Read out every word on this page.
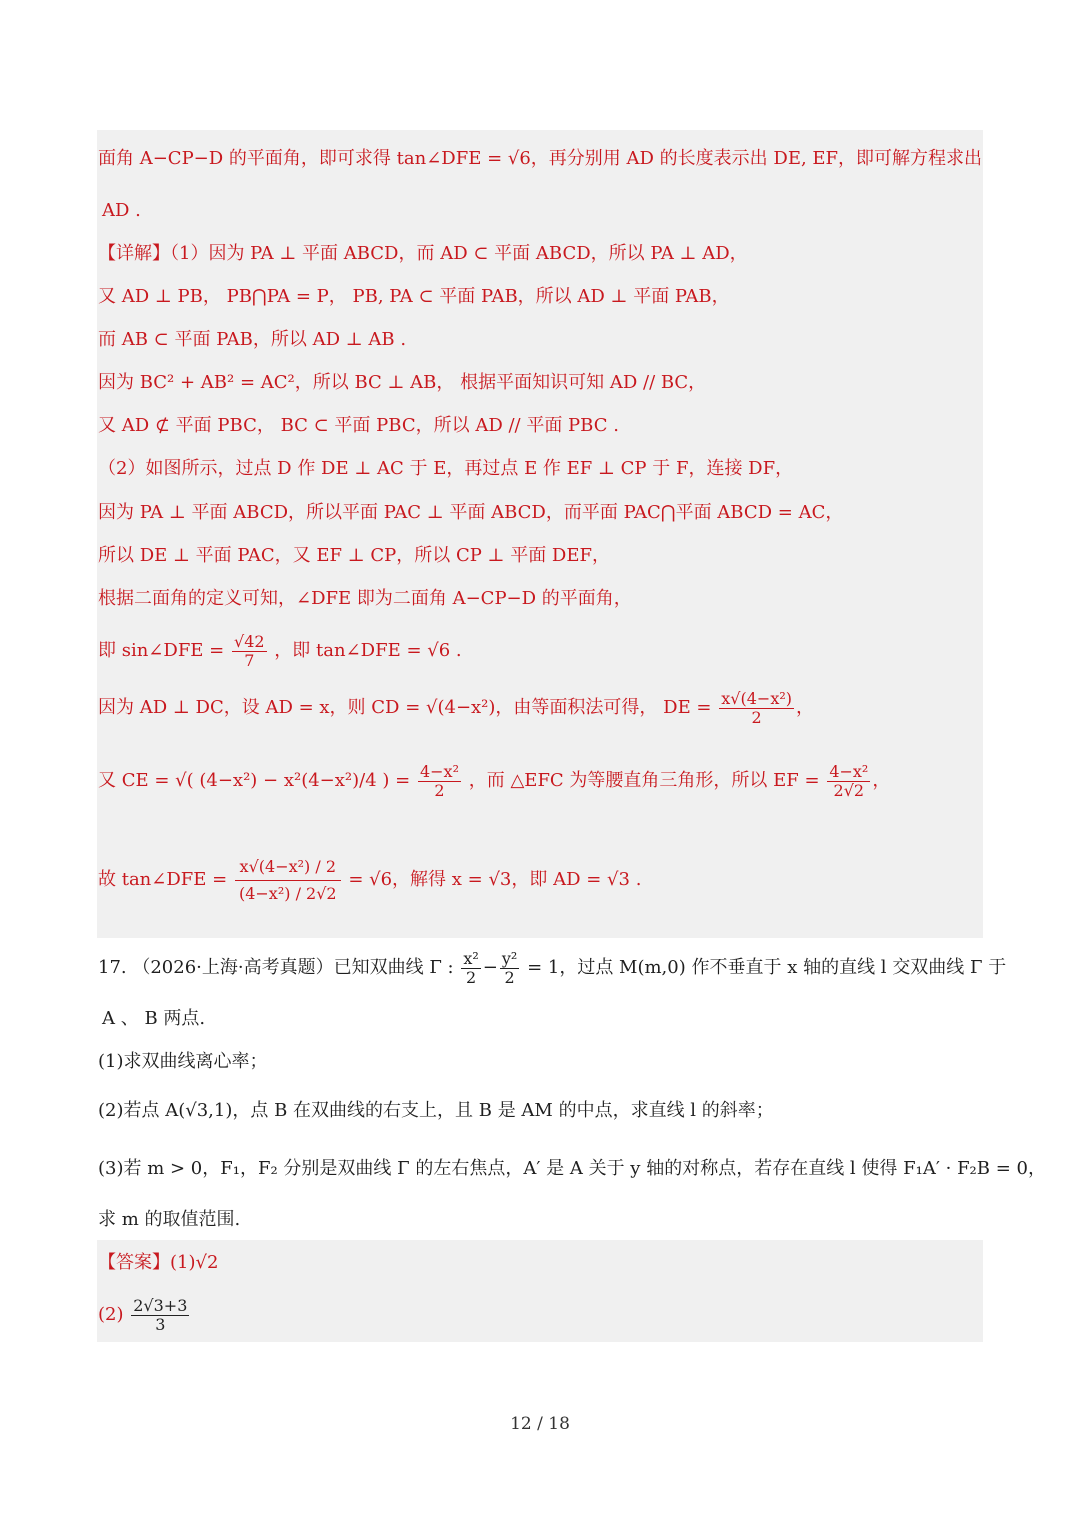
面角 A−CP−D 的平面角，即可求得 tan∠DFE = √6，再分别用 AD 的长度表示出 DE, EF，即可解方程求出
AD .
【详解】（1）因为 PA ⊥ 平面 ABCD，而 AD ⊂ 平面 ABCD，所以 PA ⊥ AD，
又 AD ⊥ PB， PB⋂PA = P， PB, PA ⊂ 平面 PAB，所以 AD ⊥ 平面 PAB，
而 AB ⊂ 平面 PAB，所以 AD ⊥ AB .
因为 BC² + AB² = AC²，所以 BC ⊥ AB， 根据平面知识可知 AD // BC，
又 AD ⊄ 平面 PBC， BC ⊂ 平面 PBC，所以 AD // 平面 PBC .
（2）如图所示，过点 D 作 DE ⊥ AC 于 E，再过点 E 作 EF ⊥ CP 于 F，连接 DF，
因为 PA ⊥ 平面 ABCD，所以平面 PAC ⊥ 平面 ABCD，而平面 PAC⋂平面 ABCD = AC，
所以 DE ⊥ 平面 PAC，又 EF ⊥ CP，所以 CP ⊥ 平面 DEF，
根据二面角的定义可知，∠DFE 即为二面角 A−CP−D 的平面角，
即 sin∠DFE = $\frac{√42}{7}$ ，即 tan∠DFE = √6 .
因为 AD ⊥ DC，设 AD = x，则 CD = √(4−x²)，由等面积法可得， DE = $\frac{\text{x√(4−x²)}}{2}$ ，
又 CE = √( (4−x²) − x²(4−x²)/4 ) = $\frac{\text{4−x²}}{2}$ ，而 △EFC 为等腰直角三角形，所以 EF = $\frac{\text{4−x²}}{2√2}$ ，
故 tan∠DFE = $\frac{\text{x√(4−x²) / 2}}{\text{(4−x²) / 2√2}} = √6$，解得 x = √3，即 AD = √3 .
17. （2026·上海·高考真题）已知双曲线 Γ : $\frac{\text{x²}}{2} - \frac{\text{y²}}{2} = 1$，过点 M(m,0) 作不垂直于 x 轴的直线 l 交双曲线 Γ 于
A 、 B 两点.
(1)求双曲线离心率；
(2)若点 A(√3,1)，点 B 在双曲线的右支上，且 B 是 AM 的中点，求直线 l 的斜率；
(3)若 m > 0，F₁，F₂ 分别是双曲线 Γ 的左右焦点，A′ 是 A 关于 y 轴的对称点，若存在直线 l 使得 F₁A′ · F₂B = 0，
求 m 的取值范围.
【答案】(1)√2
$(2) \frac{2√3+3}{3}$
12 / 18
